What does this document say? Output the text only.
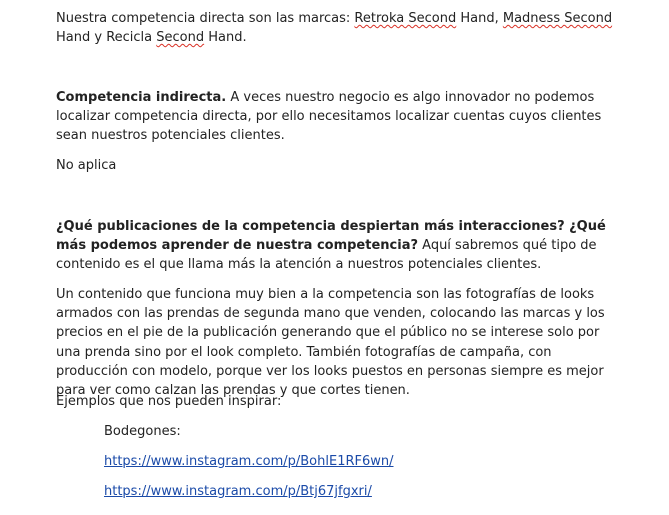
Nuestra competencia directa son las marcas: Retroka Second Hand, Madness Second Hand y Recicla Second Hand.

Competencia indirecta. A veces nuestro negocio es algo innovador no podemos localizar competencia directa, por ello necesitamos localizar cuentas cuyos clientes sean nuestros potenciales clientes.

No aplica

¿Qué publicaciones de la competencia despiertan más interacciones? ¿Qué más podemos aprender de nuestra competencia? Aquí sabremos qué tipo de contenido es el que llama más la atención a nuestros potenciales clientes.

Un contenido que funciona muy bien a la competencia son las fotografías de looks armados con las prendas de segunda mano que venden, colocando las marcas y los precios en el pie de la publicación generando que el público no se interese solo por una prenda sino por el look completo. También fotografías de campaña, con producción con modelo, porque ver los looks puestos en personas siempre es mejor para ver como calzan las prendas y que cortes tienen.

Ejemplos que nos pueden inspirar:

Bodegones:

https://www.instagram.com/p/BohlE1RF6wn/

https://www.instagram.com/p/Btj67jfgxri/
